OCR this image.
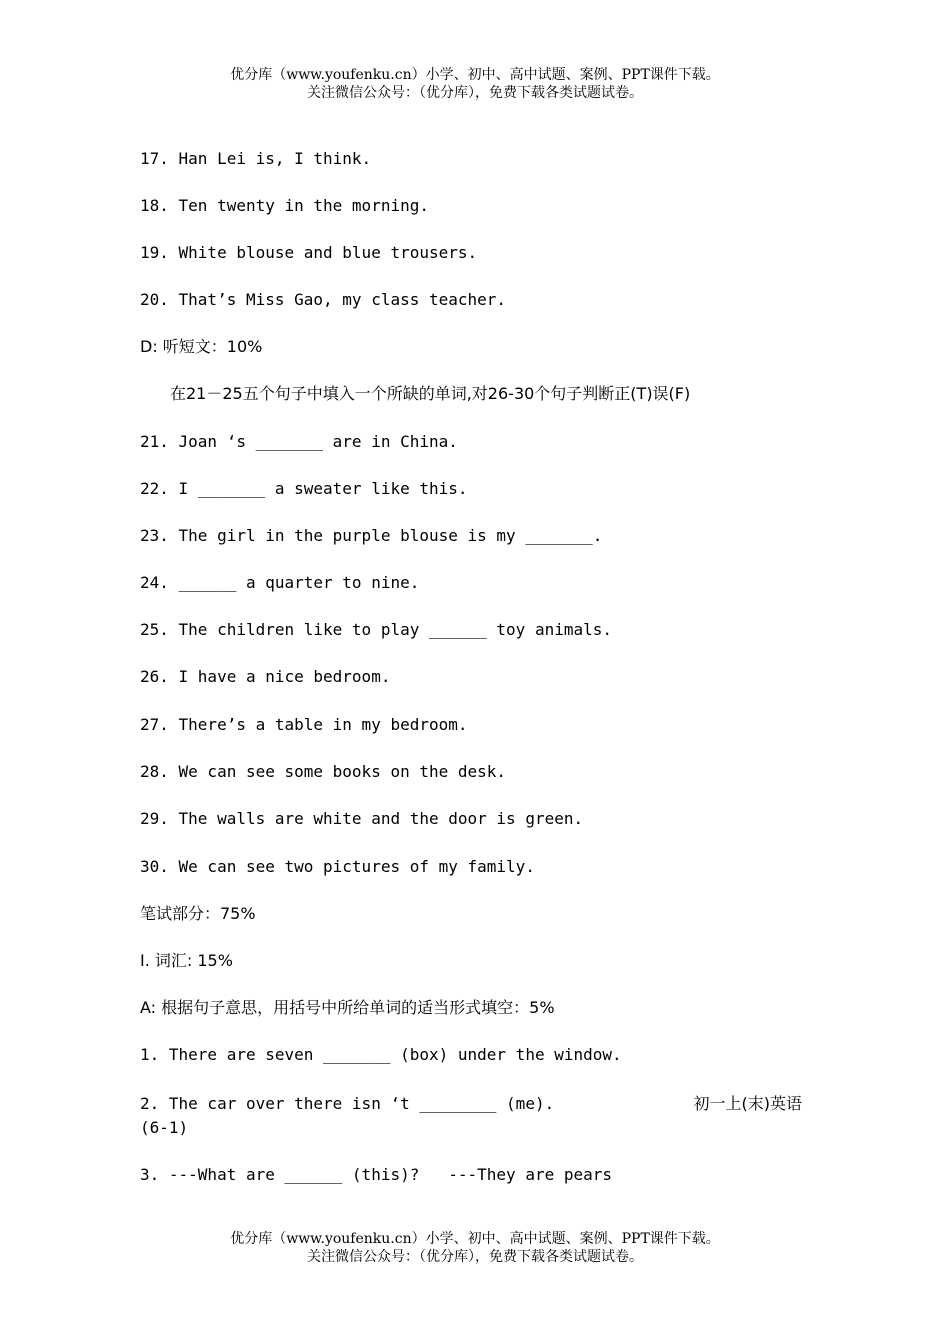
优分库（www.youfenku.cn）小学、初中、高中试题、案例、PPT课件下载。
关注微信公众号：（优分库），免费下载各类试题试卷。
17. Han Lei is, I think.
18. Ten twenty in the morning.
19. White blouse and blue trousers.
20. That’s Miss Gao, my class teacher.
D: 听短文：10%
在21－25五个句子中填入一个所缺的单词,对26-30个句子判断正(T)误(F)
21. Joan ‘s _______ are in China.
22. I _______ a sweater like this.
23. The girl in the purple blouse is my _______.
24. ______ a quarter to nine.
25. The children like to play ______ toy animals.
26. I have a nice bedroom.
27. There’s a table in my bedroom.
28. We can see some books on the desk.
29. The walls are white and the door is green.
30. We can see two pictures of my family.
笔试部分：75%
I. 词汇: 15%
A: 根据句子意思，用括号中所给单词的适当形式填空：5%
1. There are seven _______ (box) under the window.
2. The car over there isn ‘t ________ (me).	初一上(末)英语

(6-1)
3. ---What are ______ (this)?   ---They are pears
优分库（www.youfenku.cn）小学、初中、高中试题、案例、PPT课件下载。
关注微信公众号：（优分库），免费下载各类试题试卷。
